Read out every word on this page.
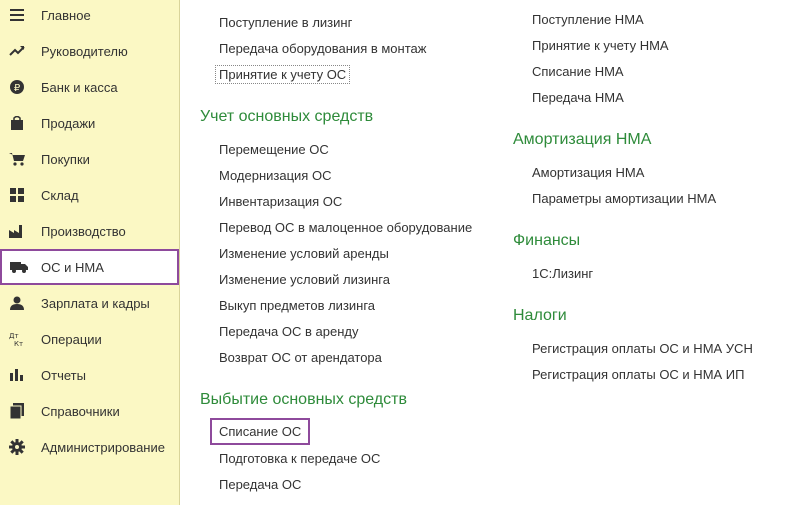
Главное
Руководителю
₽ Банк и касса
Продажи
Покупки
Склад
Производство
ОС и НМА
Зарплата и кадры
Дт
Кт Операции
Отчеты
Справочники
Администрирование
Поступление в лизинг
Передача оборудования в монтаж
Принятие к учету ОС
Учет основных средств
Перемещение ОС
Модернизация ОС
Инвентаризация ОС
Перевод ОС в малоценное оборудование
Изменение условий аренды
Изменение условий лизинга
Выкуп предметов лизинга
Передача ОС в аренду
Возврат ОС от арендатора
Выбытие основных средств
Списание ОС
Подготовка к передаче ОС
Передача ОС
Поступление НМА
Принятие к учету НМА
Списание НМА
Передача НМА
Амортизация НМА
Амортизация НМА
Параметры амортизации НМА
Финансы
1С:Лизинг
Налоги
Регистрация оплаты ОС и НМА УСН
Регистрация оплаты ОС и НМА ИП
